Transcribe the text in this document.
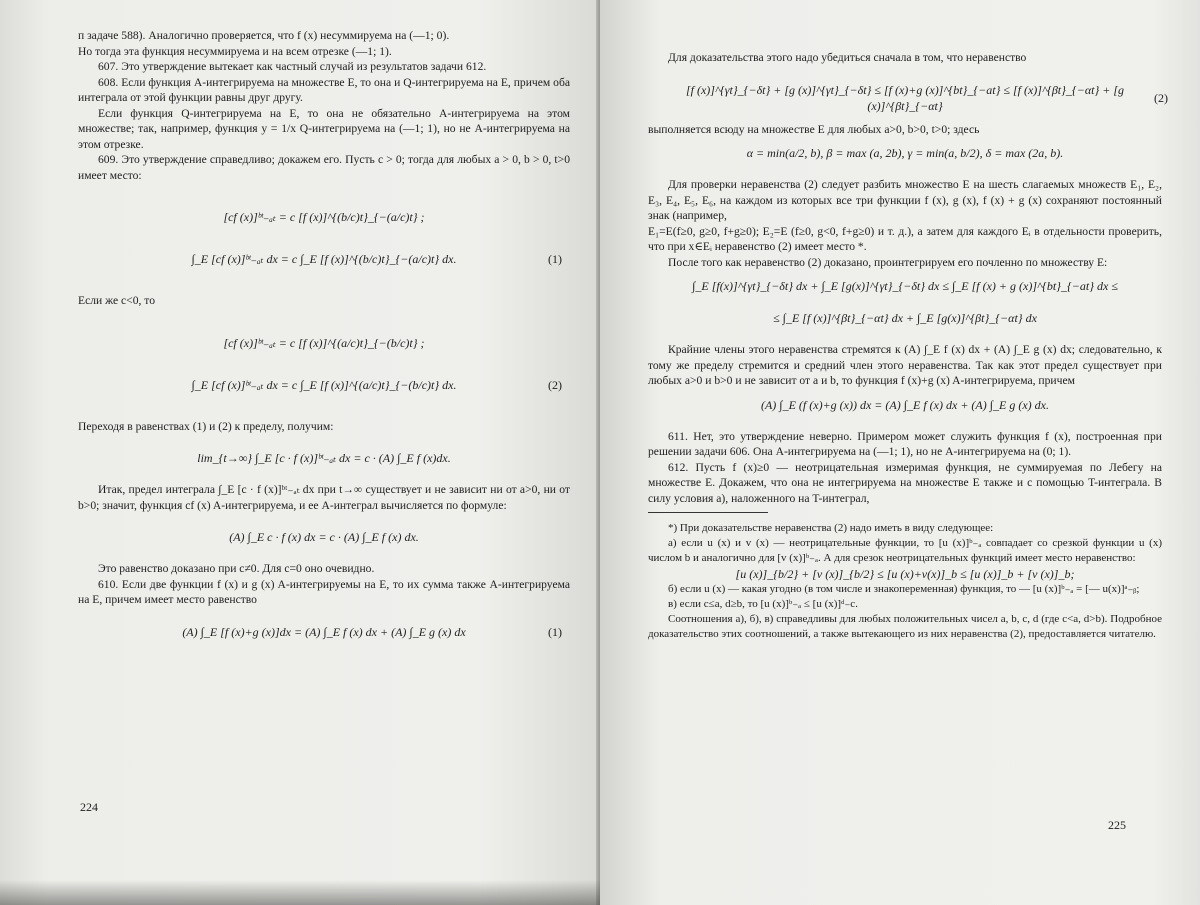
п задаче 588). Аналогично проверяется, что f (x) несуммируема на (—1; 0).

Но тогда эта функция несуммируема и на всем отрезке (—1; 1).

607. Это утверждение вытекает как частный случай из результатов задачи 612.

608. Если функция A-интегрируема на множестве E, то она и Q-интегрируема на E, причем оба интеграла от этой функции равны друг другу.

Если функция Q-интегрируема на E, то она не обязательно A-интегрируема на этом множестве; так, например, функция y = 1/x Q-интегрируема на (—1; 1), но не A-интегрируема на этом отрезке.

609. Это утверждение справедливо; докажем его. Пусть c > 0; тогда для любых a > 0, b > 0, t>0 имеет место:

[cf (x)]ᵇᵗ₋ₐₜ = c [f (x)]^{(b/c)t}_{−(a/c)t} ;
∫_E [cf (x)]ᵇᵗ₋ₐₜ dx = c ∫_E [f (x)]^{(b/c)t}_{−(a/c)t} dx.	(1)

Если же c<0, то

[cf (x)]ᵇᵗ₋ₐₜ = c [f (x)]^{(a/c)t}_{−(b/c)t} ;
∫_E [cf (x)]ᵇᵗ₋ₐₜ dx = c ∫_E [f (x)]^{(a/c)t}_{−(b/c)t} dx.	(2)

Переходя в равенствах (1) и (2) к пределу, получим:

lim_{t→∞} ∫_E [c · f (x)]ᵇᵗ₋ₐₜ dx = c · (A) ∫_E f (x)dx.

Итак, предел интеграла ∫_E [c · f (x)]ᵇᵗ₋ₐₜ dx при t→∞ существует и не зависит ни от a>0, ни от b>0; значит, функция cf (x) A-интегрируема, и ее A-интеграл вычисляется по формуле:

(A) ∫_E c · f (x) dx = c · (A) ∫_E f (x) dx.

Это равенство доказано при c≠0. Для c=0 оно очевидно.

610. Если две функции f (x) и g (x) A-интегрируемы на E, то их сумма также A-интегрируема на E, причем имеет место равенство

(A) ∫_E [f (x)+g (x)]dx = (A) ∫_E f (x) dx + (A) ∫_E g (x) dx	(1)
224

Для доказательства этого надо убедиться сначала в том, что неравенство

[f (x)]^{γt}_{−δt} + [g (x)]^{γt}_{−δt} ≤ [f (x)+g (x)]^{bt}_{−at} ≤ [f (x)]^{βt}_{−αt} + [g (x)]^{βt}_{−αt}
(2)

выполняется всюду на множестве E для любых a>0, b>0, t>0; здесь

α = min(a/2, b), β = max (a, 2b), γ = min(a, b/2), δ = max (2a, b).

Для проверки неравенства (2) следует разбить множество E на шесть слагаемых множеств E₁, E₂, E₃, E₄, E₅, E₆, на каждом из которых все три функции f (x), g (x), f (x) + g (x) сохраняют постоянный знак (например,

E₁=E(f≥0, g≥0, f+g≥0); E₂=E (f≥0, g<0, f+g≥0) и т. д.), а затем для каждого Eᵢ в отдельности проверить, что при x∈Eᵢ неравенство (2) имеет место *.

После того как неравенство (2) доказано, проинтегрируем его почленно по множеству E:

∫_E [f(x)]^{γt}_{−δt} dx + ∫_E [g(x)]^{γt}_{−δt} dx ≤ ∫_E [f (x) + g (x)]^{bt}_{−at} dx ≤
≤ ∫_E [f (x)]^{βt}_{−αt} dx + ∫_E [g(x)]^{βt}_{−αt} dx

Крайние члены этого неравенства стремятся к (A) ∫_E f (x) dx + (A) ∫_E g (x) dx; следовательно, к тому же пределу стремится и средний член этого неравенства. Так как этот предел существует при любых a>0 и b>0 и не зависит от a и b, то функция f (x)+g (x) A-интегрируема, причем

(A) ∫_E (f (x)+g (x)) dx = (A) ∫_E f (x) dx + (A) ∫_E g (x) dx.

611. Нет, это утверждение неверно. Примером может служить функция f (x), построенная при решении задачи 606. Она A-интегрируема на (—1; 1), но не A-интегрируема на (0; 1).

612. Пусть f (x)≥0 — неотрицательная измеримая функция, не суммируемая по Лебегу на множестве E. Докажем, что она не интегрируема на множестве E также и с помощью T-интеграла. В силу условия а), наложенного на T-интеграл,

*) При доказательстве неравенства (2) надо иметь в виду следующее:

а) если u (x) и v (x) — неотрицательные функции, то [u (x)]ᵇ₋ₐ совпадает со срезкой функции u (x) числом b и аналогично для [v (x)]ᵇ₋ₐ. А для срезок неотрицательных функций имеет место неравенство:

[u (x)]_{b/2} + [v (x)]_{b/2} ≤ [u (x)+v(x)]_b ≤ [u (x)]_b + [v (x)]_b;

б) если u (x) — какая угодно (в том числе и знакопеременная) функция, то — [u (x)]ᵇ₋ₐ = [— u(x)]ᵃ₋ᵦ;

в) если c≤a, d≥b, то [u (x)]ᵇ₋ₐ ≤ [u (x)]ᵈ₋c.

Соотношения а), б), в) справедливы для любых положительных чисел a, b, c, d (где c<a, d>b). Подробное доказательство этих соотношений, а также вытекающего из них неравенства (2), предоставляется читателю.

225
